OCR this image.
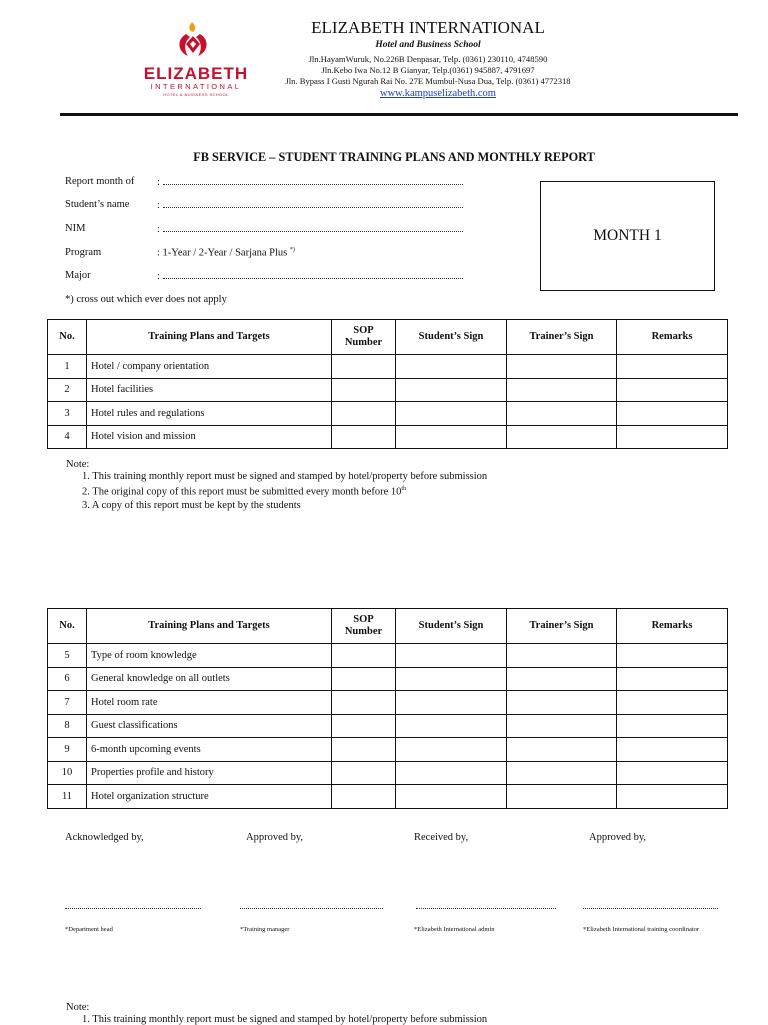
ELIZABETH
INTERNATIONAL
HOTEL & BUSINESS SCHOOL
ELIZABETH INTERNATIONAL
Hotel and Business School
Jln.HayamWuruk, No.226B Denpasar, Telp. (0361) 230110, 4748590
Jln.Kebo Iwa No.12 B Gianyar, Telp.(0361) 945887, 4791697
Jln. Bypass I Gusti Ngurah Rai No. 27E Mumbul-Nusa Dua, Telp. (0361) 4772318
www.kampuselizabeth.com
FB SERVICE – STUDENT TRAINING PLANS AND MONTHLY REPORT
Report month of :
Student’s name	:
NIM	:
Program	: 1-Year / 2-Year / Sarjana Plus *)
Major	:
MONTH 1
*) cross out which ever does not apply
No.	Training Plans and Targets	SOP Number	Student’s Sign	Trainer’s Sign	Remarks
1	Hotel / company orientation				
2	Hotel facilities				
3	Hotel rules and regulations				
4	Hotel vision and mission				
Note:
1. This training monthly report must be signed and stamped by hotel/property before submission
2. The original copy of this report must be submitted every month before 10th
3. A copy of this report must be kept by the students
No.	Training Plans and Targets	SOP Number	Student’s Sign	Trainer’s Sign	Remarks
5	Type of room knowledge				
6	General knowledge on all outlets				
7	Hotel room rate				
8	Guest classifications				
9	6-month upcoming events				
10	Properties profile and history				
11	Hotel organization structure				
Acknowledged by,	Approved by,	Received by,	Approved by,
*Department head	*Training manager	*Elizabeth International admin	*Elizabeth International training coordinator
Note:
1. This training monthly report must be signed and stamped by hotel/property before submission
